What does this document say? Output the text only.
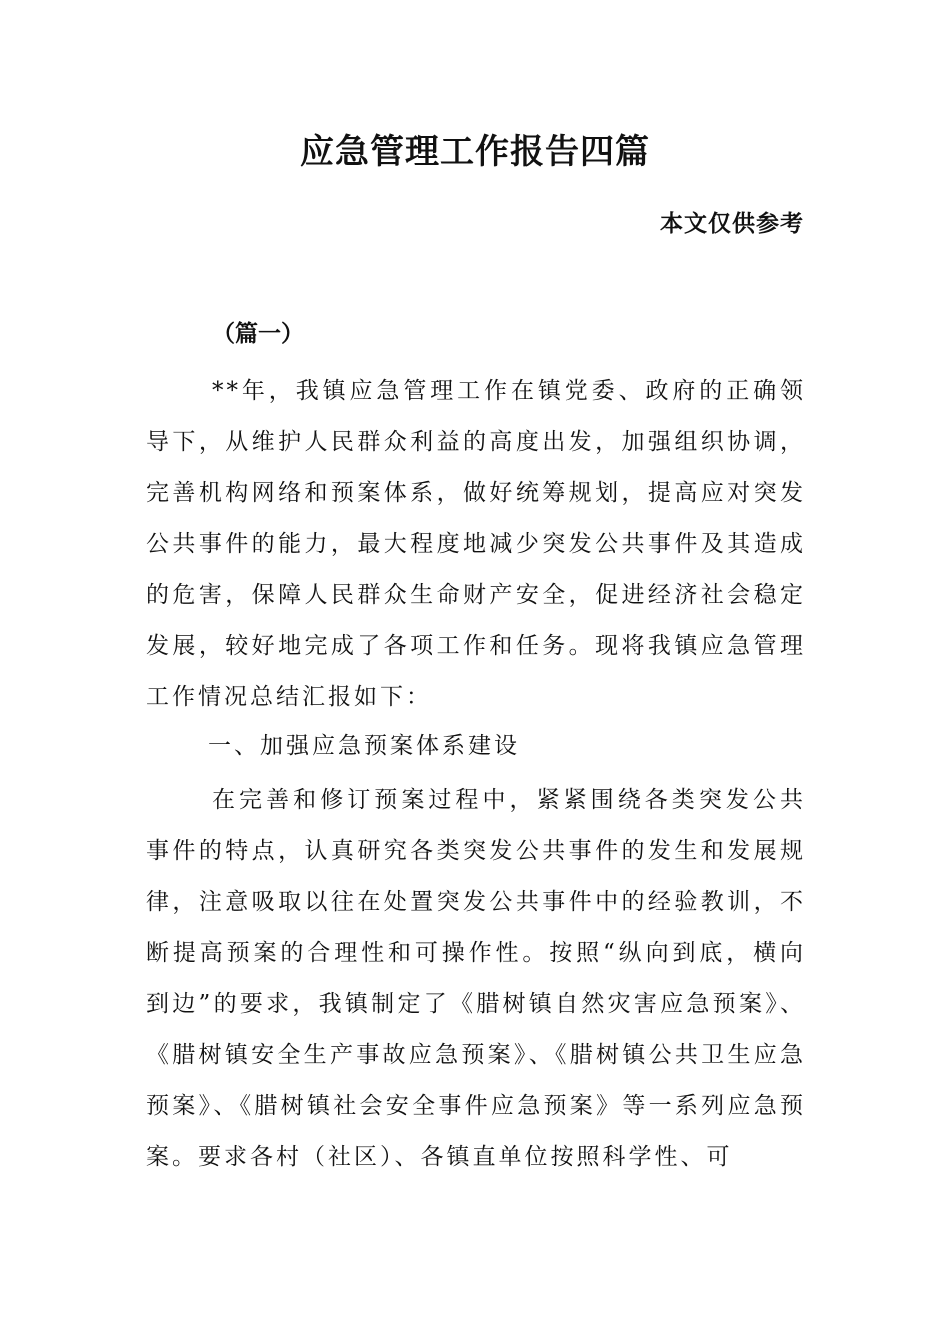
应急管理工作报告四篇
本文仅供参考
（篇一）

**年，我镇应急管理工作在镇党委、政府的正确领导下，从维护人民群众利益的高度出发，加强组织协调，完善机构网络和预案体系，做好统筹规划，提高应对突发公共事件的能力，最大程度地减少突发公共事件及其造成的危害，保障人民群众生命财产安全，促进经济社会稳定发展，较好地完成了各项工作和任务。现将我镇应急管理工作情况总结汇报如下：

一、加强应急预案体系建设

在完善和修订预案过程中，紧紧围绕各类突发公共事件的特点，认真研究各类突发公共事件的发生和发展规律，注意吸取以往在处置突发公共事件中的经验教训，不断提高预案的合理性和可操作性。按照“纵向到底，横向到边”的要求，我镇制定了《腊树镇自然灾害应急预案》、《腊树镇安全生产事故应急预案》、《腊树镇公共卫生应急预案》、《腊树镇社会安全事件应急预案》等一系列应急预案。要求各村（社区）、各镇直单位按照科学性、可
